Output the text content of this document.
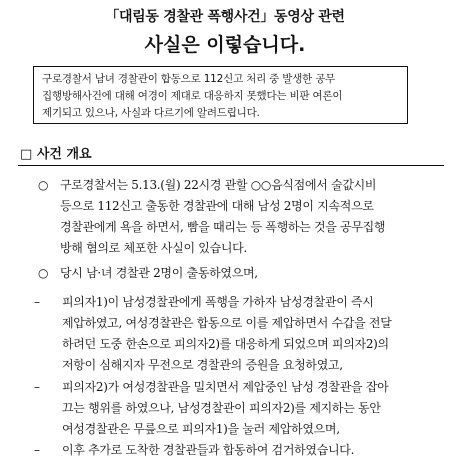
「대림동 경찰관 폭행사건」동영상 관련
사실은 이렇습니다.
구로경찰서 남녀 경찰관이 합동으로 112신고 처리 중 발생한 공무
집행방해사건에 대해 여경이 제대로 대응하지 못했다는 비판 여론이
제기되고 있으나, 사실과 다르기에 알려드립니다.
□ 사건 개요
○ 구로경찰서는 5.13.(월) 22시경 관할 ○○음식점에서 술값시비
등으로 112신고 출동한 경찰관에 대해 남성 2명이 지속적으로
경찰관에게 욕을 하면서, 빰을 때리는 등 폭행하는 것을 공무집행
방해 혐의로 체포한 사실이 있습니다.
○ 당시 남·녀 경찰관 2명이 출동하였으며,
– 피의자1)이 남성경찰관에게 폭행을 가하자 남성경찰관이 즉시
제압하였고, 여성경찰관은 합동으로 이를 제압하면서 수갑을 전달
하려던 도중 한손으로 피의자2)를 대응하게 되었으며 피의자2)의
저항이 심해지자 무전으로 경찰관의 증원을 요청하였고,
– 피의자2)가 여성경찰관을 밀치면서 제압중인 남성 경찰관을 잡아
끄는 행위를 하였으나, 남성경찰관이 피의자2)를 제지하는 동안
여성경찰관은 무릎으로 피의자1)을 눌러 제압하였으며,
– 이후 추가로 도착한 경찰관들과 합동하여 검거하였습니다.
